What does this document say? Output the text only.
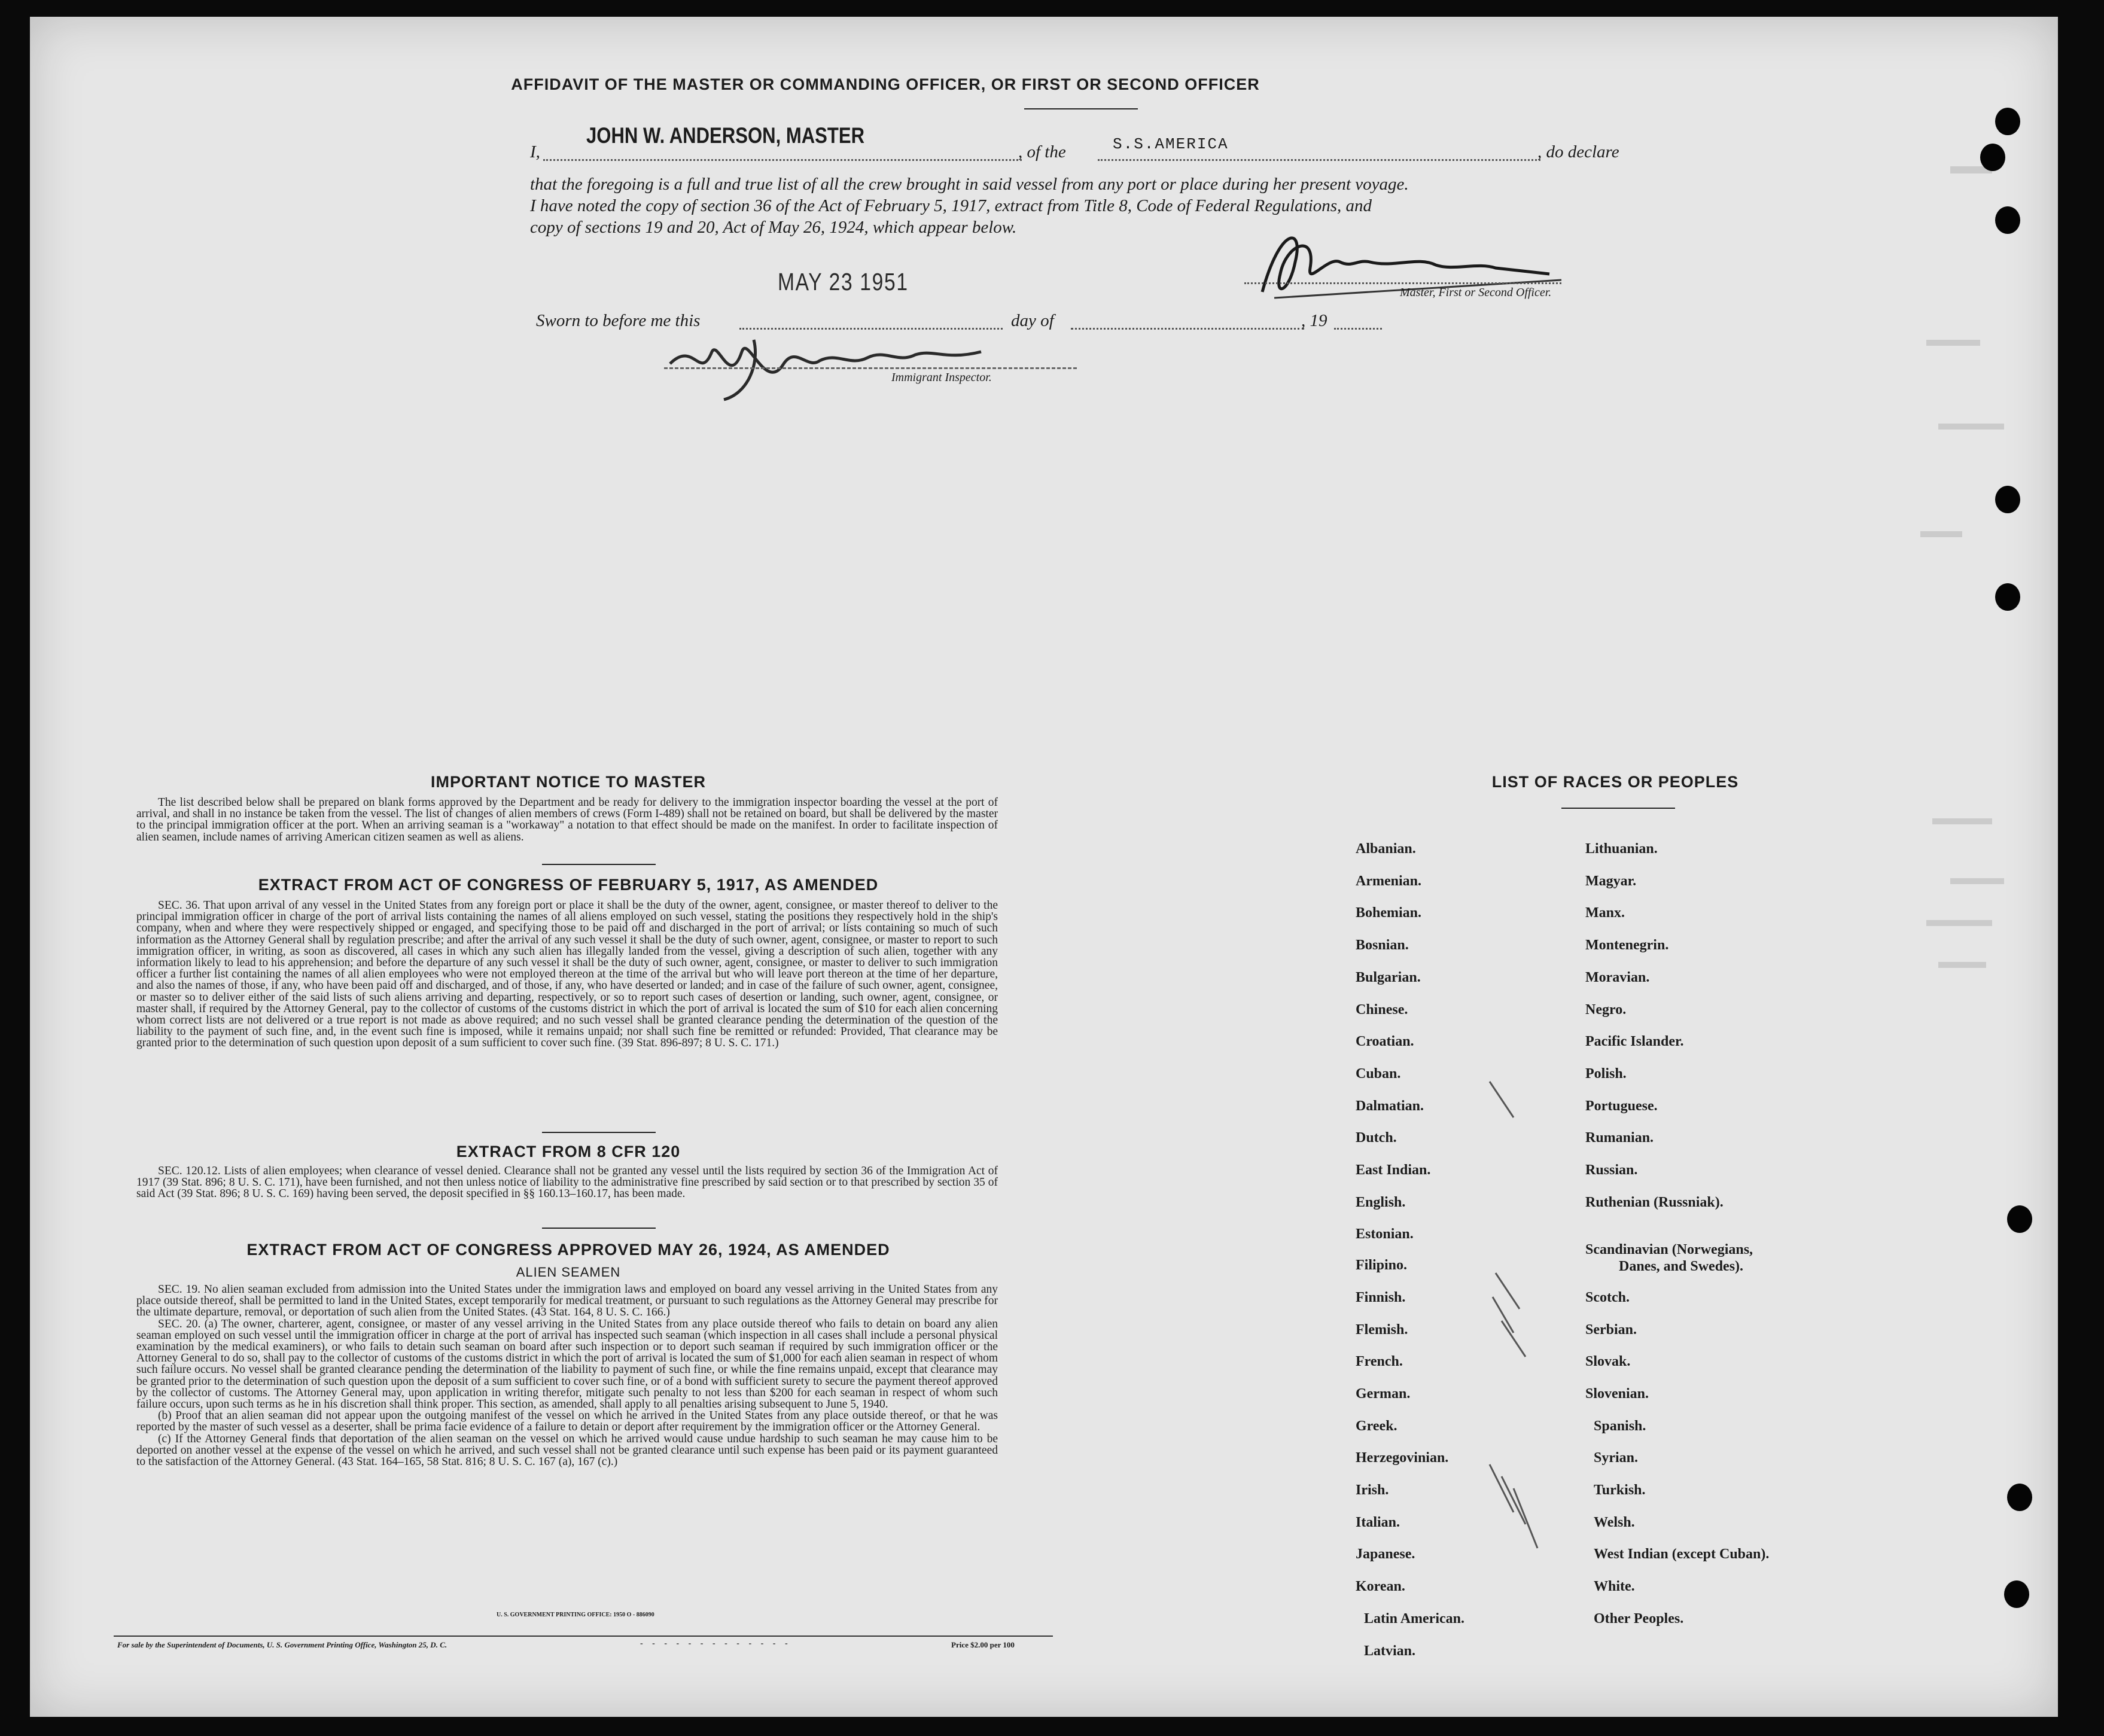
AFFIDAVIT OF THE MASTER OR COMMANDING OFFICER, OR FIRST OR SECOND OFFICER
I,
JOHN W. ANDERSON, MASTER
, of the	S.S.AMERICA	, do declare
that the foregoing is a full and true list of all the crew brought in said vessel from any port or place during her present voyage.
I have noted the copy of section 36 of the Act of February 5, 1917, extract from Title 8, Code of Federal Regulations, and
copy of sections 19 and 20, Act of May 26, 1924, which appear below.
MAY 23 1951	Master, First or Second Officer.
Sworn to before me this	day of	, 19
Immigrant Inspector.
IMPORTANT NOTICE TO MASTER

The list described below shall be prepared on blank forms approved by the Department and be ready for delivery to the immigration inspector boarding the vessel at the port of arrival, and shall in no instance be taken from the vessel. The list of changes of alien members of crews (Form I-489) shall not be retained on board, but shall be delivered by the master to the principal immigration officer at the port. When an arriving seaman is a "workaway" a notation to that effect should be made on the manifest. In order to facilitate inspection of alien seamen, include names of arriving American citizen seamen as well as aliens.

EXTRACT FROM ACT OF CONGRESS OF FEBRUARY 5, 1917, AS AMENDED

SEC. 36. That upon arrival of any vessel in the United States from any foreign port or place it shall be the duty of the owner, agent, consignee, or master thereof to deliver to the principal immigration officer in charge of the port of arrival lists containing the names of all aliens employed on such vessel, stating the positions they respectively hold in the ship's company, when and where they were respectively shipped or engaged, and specifying those to be paid off and discharged in the port of arrival; or lists containing so much of such information as the Attorney General shall by regulation prescribe; and after the arrival of any such vessel it shall be the duty of such owner, agent, consignee, or master to report to such immigration officer, in writing, as soon as discovered, all cases in which any such alien has illegally landed from the vessel, giving a description of such alien, together with any information likely to lead to his apprehension; and before the departure of any such vessel it shall be the duty of such owner, agent, consignee, or master to deliver to such immigration officer a further list containing the names of all alien employees who were not employed thereon at the time of the arrival but who will leave port thereon at the time of her departure, and also the names of those, if any, who have been paid off and discharged, and of those, if any, who have deserted or landed; and in case of the failure of such owner, agent, consignee, or master so to deliver either of the said lists of such aliens arriving and departing, respectively, or so to report such cases of desertion or landing, such owner, agent, consignee, or master shall, if required by the Attorney General, pay to the collector of customs of the customs district in which the port of arrival is located the sum of $10 for each alien concerning whom correct lists are not delivered or a true report is not made as above required; and no such vessel shall be granted clearance pending the determination of the question of the liability to the payment of such fine, and, in the event such fine is imposed, while it remains unpaid; nor shall such fine be remitted or refunded: Provided, That clearance may be granted prior to the determination of such question upon deposit of a sum sufficient to cover such fine. (39 Stat. 896-897; 8 U. S. C. 171.)

EXTRACT FROM 8 CFR 120

SEC. 120.12. Lists of alien employees; when clearance of vessel denied. Clearance shall not be granted any vessel until the lists required by section 36 of the Immigration Act of 1917 (39 Stat. 896; 8 U. S. C. 171), have been furnished, and not then unless notice of liability to the administrative fine prescribed by said section or to that prescribed by section 35 of said Act (39 Stat. 896; 8 U. S. C. 169) having been served, the deposit specified in §§ 160.13–160.17, has been made.

EXTRACT FROM ACT OF CONGRESS APPROVED MAY 26, 1924, AS AMENDED
ALIEN SEAMEN

SEC. 19. No alien seaman excluded from admission into the United States under the immigration laws and employed on board any vessel arriving in the United States from any place outside thereof, shall be permitted to land in the United States, except temporarily for medical treatment, or pursuant to such regulations as the Attorney General may prescribe for the ultimate departure, removal, or deportation of such alien from the United States. (43 Stat. 164, 8 U. S. C. 166.)

SEC. 20. (a) The owner, charterer, agent, consignee, or master of any vessel arriving in the United States from any place outside thereof who fails to detain on board any alien seaman employed on such vessel until the immigration officer in charge at the port of arrival has inspected such seaman (which inspection in all cases shall include a personal physical examination by the medical examiners), or who fails to detain such seaman on board after such inspection or to deport such seaman if required by such immigration officer or the Attorney General to do so, shall pay to the collector of customs of the customs district in which the port of arrival is located the sum of $1,000 for each alien seaman in respect of whom such failure occurs. No vessel shall be granted clearance pending the determination of the liability to payment of such fine, or while the fine remains unpaid, except that clearance may be granted prior to the determination of such question upon the deposit of a sum sufficient to cover such fine, or of a bond with sufficient surety to secure the payment thereof approved by the collector of customs. The Attorney General may, upon application in writing therefor, mitigate such penalty to not less than $200 for each seaman in respect of whom such failure occurs, upon such terms as he in his discretion shall think proper. This section, as amended, shall apply to all penalties arising subsequent to June 5, 1940.

(b) Proof that an alien seaman did not appear upon the outgoing manifest of the vessel on which he arrived in the United States from any place outside thereof, or that he was reported by the master of such vessel as a deserter, shall be prima facie evidence of a failure to detain or deport after requirement by the immigration officer or the Attorney General.

(c) If the Attorney General finds that deportation of the alien seaman on the vessel on which he arrived would cause undue hardship to such seaman he may cause him to be deported on another vessel at the expense of the vessel on which he arrived, and such vessel shall not be granted clearance until such expense has been paid or its payment guaranteed to the satisfaction of the Attorney General. (43 Stat. 164–165, 58 Stat. 816; 8 U. S. C. 167 (a), 167 (c).)

U. S. GOVERNMENT PRINTING OFFICE: 1950 O - 886090
For sale by the Superintendent of Documents, U. S. Government Printing Office, Washington 25, D. C.	- - - - - - - - - - - - -	Price $2.00 per 100
LIST OF RACES OR PEOPLES
Albanian.
Armenian.
Bohemian.
Bosnian.
Bulgarian.
Chinese.
Croatian.
Cuban.
Dalmatian.
Dutch.
East Indian.
English.
Estonian.
Filipino.
Finnish.
Flemish.
French.
German.
Greek.
Herzegovinian.
Irish.
Italian.
Japanese.
Korean.
Latin American.
Latvian.
Lithuanian.
Magyar.
Manx.
Montenegrin.
Moravian.
Negro.
Pacific Islander.
Polish.
Portuguese.
Rumanian.
Russian.
Ruthenian (Russniak).
Scandinavian (Norwegians,
Danes, and Swedes).
Scotch.
Serbian.
Slovak.
Slovenian.
Spanish.
Syrian.
Turkish.
Welsh.
West Indian (except Cuban).
White.
Other Peoples.
